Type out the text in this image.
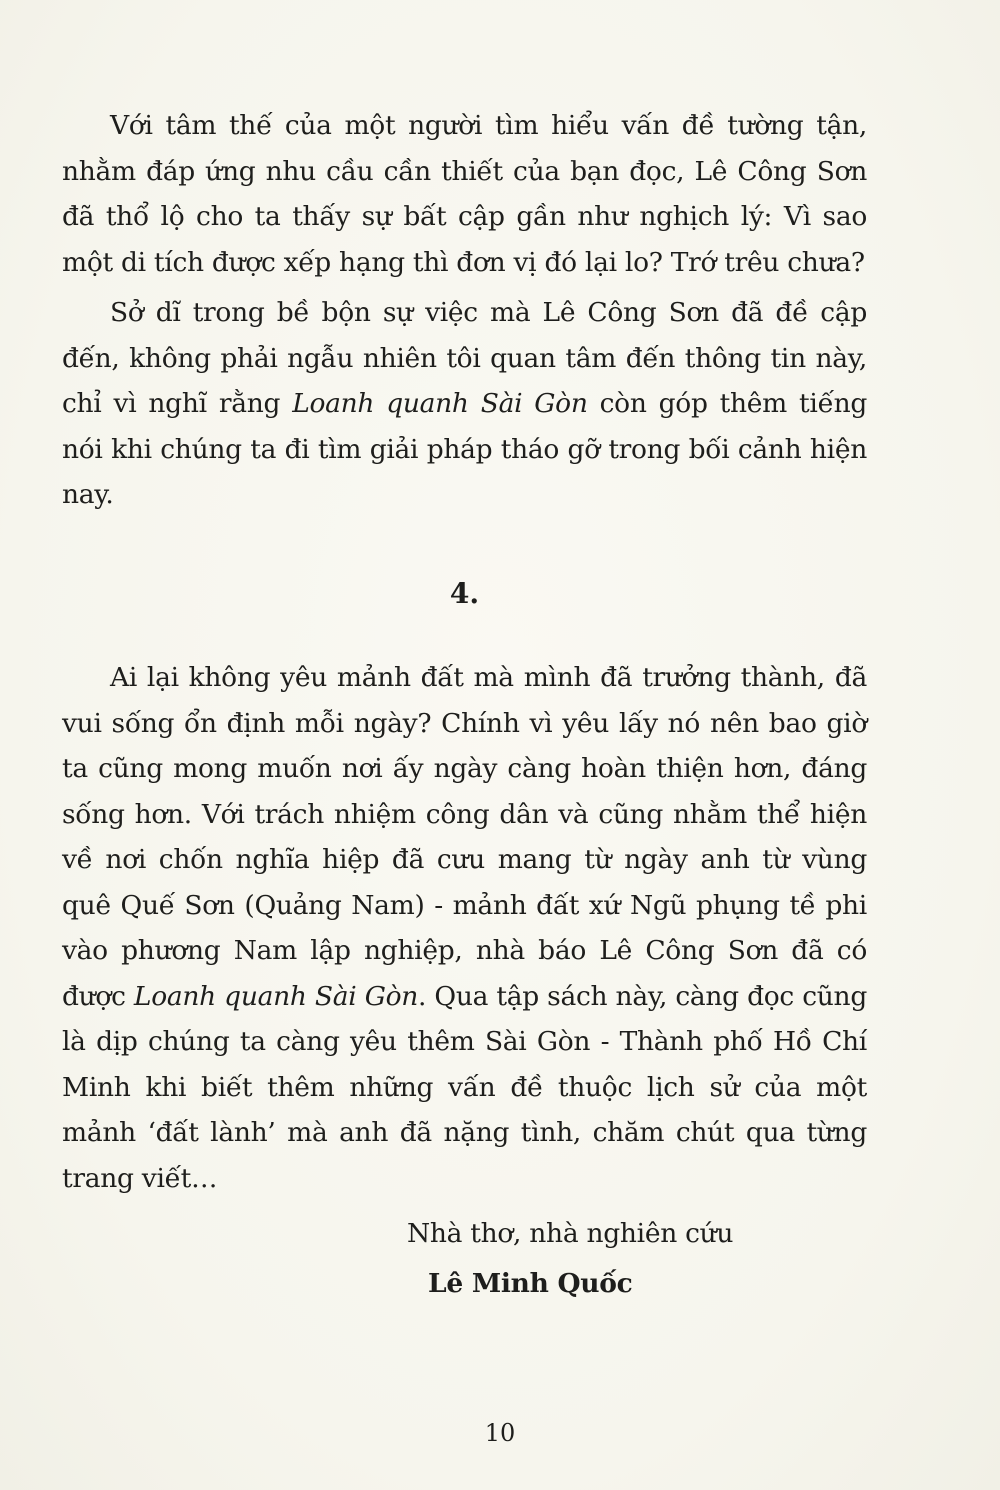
Với tâm thế của một người tìm hiểu vấn đề tường tận, nhằm đáp ứng nhu cầu cần thiết của bạn đọc, Lê Công Sơn đã thổ lộ cho ta thấy sự bất cập gần như nghịch lý: Vì sao một di tích được xếp hạng thì đơn vị đó lại lo? Trớ trêu chưa?

Sở dĩ trong bề bộn sự việc mà Lê Công Sơn đã đề cập đến, không phải ngẫu nhiên tôi quan tâm đến thông tin này, chỉ vì nghĩ rằng Loanh quanh Sài Gòn còn góp thêm tiếng nói khi chúng ta đi tìm giải pháp tháo gỡ trong bối cảnh hiện nay.

4.

Ai lại không yêu mảnh đất mà mình đã trưởng thành, đã vui sống ổn định mỗi ngày? Chính vì yêu lấy nó nên bao giờ ta cũng mong muốn nơi ấy ngày càng hoàn thiện hơn, đáng sống hơn. Với trách nhiệm công dân và cũng nhằm thể hiện về nơi chốn nghĩa hiệp đã cưu mang từ ngày anh từ vùng quê Quế Sơn (Quảng Nam) - mảnh đất xứ Ngũ phụng tề phi vào phương Nam lập nghiệp, nhà báo Lê Công Sơn đã có được Loanh quanh Sài Gòn. Qua tập sách này, càng đọc cũng là dịp chúng ta càng yêu thêm Sài Gòn - Thành phố Hồ Chí Minh khi biết thêm những vấn đề thuộc lịch sử của một mảnh ‘đất lành’ mà anh đã nặng tình, chăm chút qua từng trang viết…

Nhà thơ, nhà nghiên cứu
Lê Minh Quốc
10
